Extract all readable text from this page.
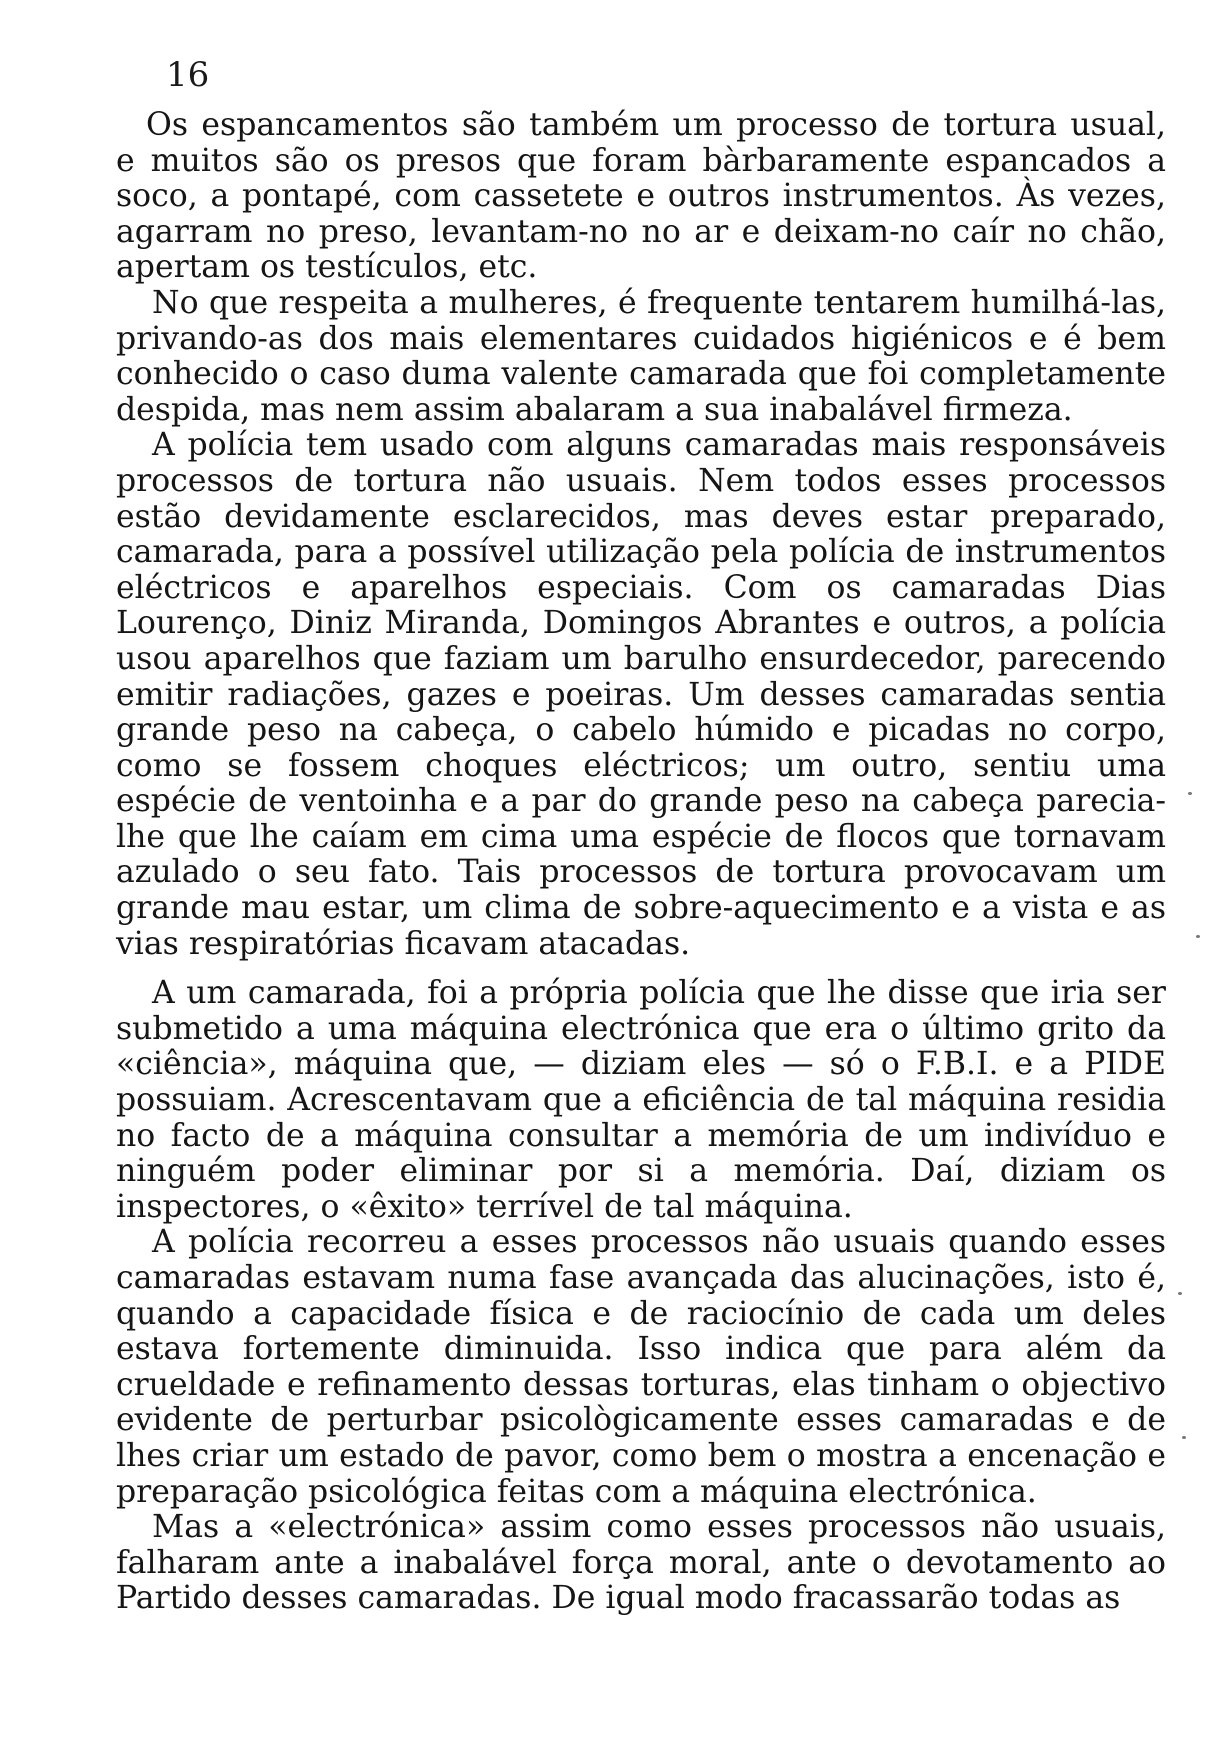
16

Os espancamentos são também um processo de tortura usual, e muitos são os presos que foram bàrbaramente espancados a soco, a pontapé, com cassetete e outros instrumentos. Às vezes, agarram no preso, levantam-no no ar e deixam-no caír no chão, apertam os testículos, etc.

No que respeita a mulheres, é frequente tentarem humilhá-las, privando-as dos mais elementares cuidados higiénicos e é bem conhecido o caso duma valente camarada que foi completamente despida, mas nem assim abalaram a sua inabalável firmeza.

A polícia tem usado com alguns camaradas mais responsáveis processos de tortura não usuais. Nem todos esses processos estão devidamente esclarecidos, mas deves estar preparado, camarada, para a possível utilização pela polícia de instrumentos eléctricos e aparelhos especiais. Com os camaradas Dias Lourenço, Diniz Miranda, Domingos Abrantes e outros, a polícia usou aparelhos que faziam um barulho ensurdecedor, parecendo emitir radiações, gazes e poeiras. Um desses camaradas sentia grande peso na cabeça, o cabelo húmido e picadas no corpo, como se fossem choques eléctricos; um outro, sentiu uma espécie de ventoinha e a par do grande peso na cabeça parecia-lhe que lhe caíam em cima uma espécie de flocos que tornavam azulado o seu fato. Tais processos de tortura provocavam um grande mau estar, um clima de sobre-aquecimento e a vista e as vias respiratórias ficavam atacadas.

A um camarada, foi a própria polícia que lhe disse que iria ser submetido a uma máquina electrónica que era o último grito da «ciência», máquina que, — diziam eles — só o F.B.I. e a PIDE possuiam. Acrescentavam que a eficiência de tal máquina residia no facto de a máquina consultar a memória de um indivíduo e ninguém poder eliminar por si a memória. Daí, diziam os inspectores, o «êxito» terrível de tal máquina.

A polícia recorreu a esses processos não usuais quando esses camaradas estavam numa fase avançada das alucinações, isto é, quando a capacidade física e de raciocínio de cada um deles estava fortemente diminuida. Isso indica que para além da crueldade e refinamento dessas torturas, elas tinham o objectivo evidente de perturbar psicològicamente esses camaradas e de lhes criar um estado de pavor, como bem o mostra a encenação e preparação psicológica feitas com a máquina electrónica.

Mas a «electrónica» assim como esses processos não usuais, falharam ante a inabalável força moral, ante o devotamento ao Partido desses camaradas. De igual modo fracassarão todas as
